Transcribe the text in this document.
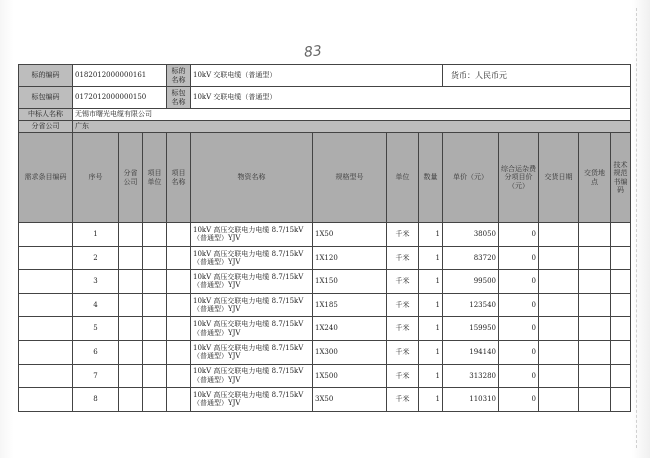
83
标的编码	0182012000000161			标的名称	10kV 交联电缆（普通型）				货币：人民币元				
标包编码	0172012000000150			标包名称	10kV 交联电缆（普通型）								
中标人名称	无锡市曙光电缆有限公司												
分省公司	广东												
需求条目编码	序号	分省公司	项目单位	项目名称	物资名称	规格型号	单位	数量	单价（元）	综合运杂费分项目价（元）	交货日期	交货地点	技术规范书编码
	1				10kV 高压交联电力电缆 8.7/15kV（普通型）YJV	1X50	千米	1	38050	0			
	2				10kV 高压交联电力电缆 8.7/15kV（普通型）YJV	1X120	千米	1	83720	0			
	3				10kV 高压交联电力电缆 8.7/15kV（普通型）YJV	1X150	千米	1	99500	0			
	4				10kV 高压交联电力电缆 8.7/15kV（普通型）YJV	1X185	千米	1	123540	0			
	5				10kV 高压交联电力电缆 8.7/15kV（普通型）YJV	1X240	千米	1	159950	0			
	6				10kV 高压交联电力电缆 8.7/15kV（普通型）YJV	1X300	千米	1	194140	0			
	7				10kV 高压交联电力电缆 8.7/15kV（普通型）YJV	1X500	千米	1	313280	0			
	8				10kV 高压交联电力电缆 8.7/15kV（普通型）YJV	3X50	千米	1	110310	0			
